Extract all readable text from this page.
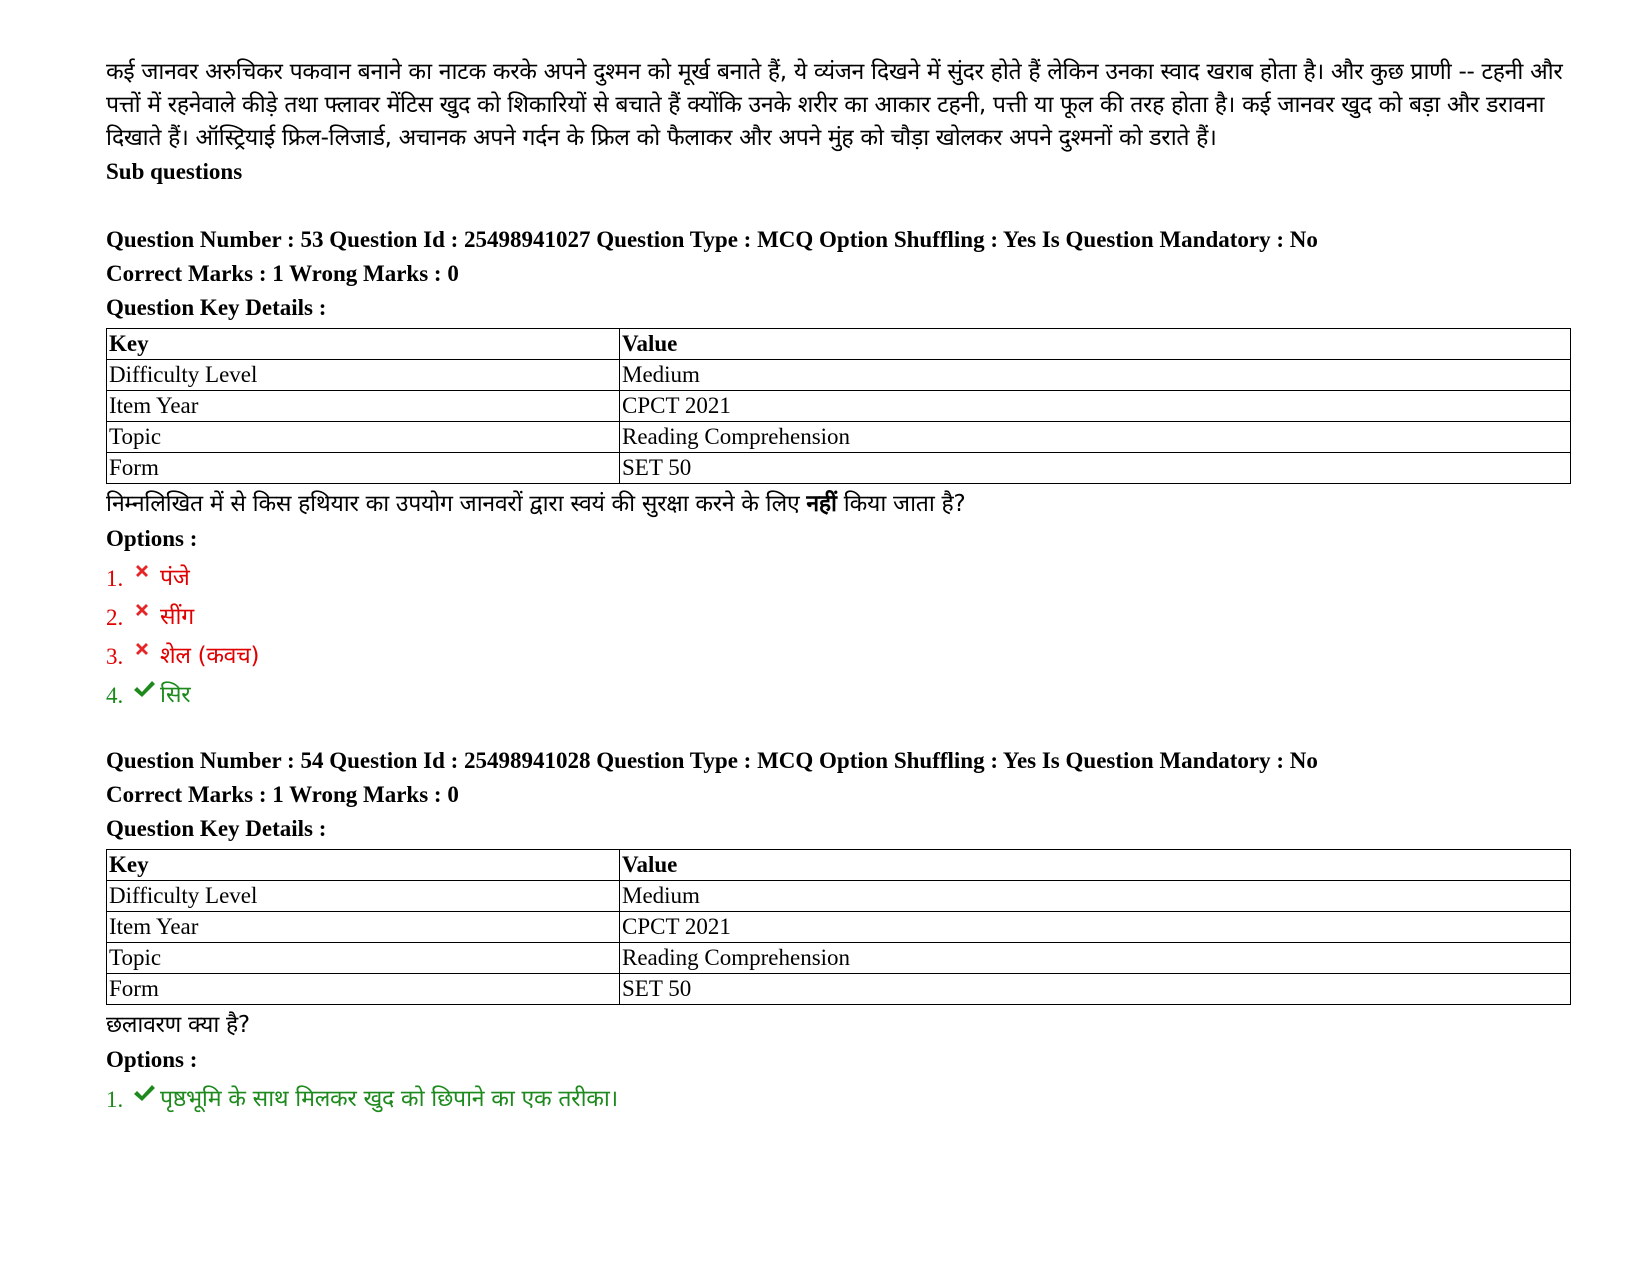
कई जानवर अरुचिकर पकवान बनाने का नाटक करके अपने दुश्मन को मूर्ख बनाते हैं, ये व्यंजन दिखने में सुंदर होते हैं लेकिन उनका स्वाद खराब होता है। और कुछ प्राणी -- टहनी और पत्तों में रहनेवाले कीड़े तथा फ्लावर मेंटिस खुद को शिकारियों से बचाते हैं क्योंकि उनके शरीर का आकार टहनी, पत्ती या फूल की तरह होता है। कई जानवर खुद को बड़ा और डरावना दिखाते हैं। ऑस्ट्रियाई फ्रिल-लिजार्ड, अचानक अपने गर्दन के फ्रिल को फैलाकर और अपने मुंह को चौड़ा खोलकर अपने दुश्मनों को डराते हैं।

Sub questions

Question Number : 53 Question Id : 25498941027 Question Type : MCQ Option Shuffling : Yes Is Question Mandatory : No

Correct Marks : 1 Wrong Marks : 0

Question Key Details :

Key	Value
Difficulty Level	Medium
Item Year	CPCT 2021
Topic	Reading Comprehension
Form	SET 50

निम्नलिखित में से किस हथियार का उपयोग जानवरों द्वारा स्वयं की सुरक्षा करने के लिए नहीं किया जाता है?

Options :

1.	पंजे
2.	सींग
3.	शेल (कवच)
4.	सिर

Question Number : 54 Question Id : 25498941028 Question Type : MCQ Option Shuffling : Yes Is Question Mandatory : No

Correct Marks : 1 Wrong Marks : 0

Question Key Details :

Key	Value
Difficulty Level	Medium
Item Year	CPCT 2021
Topic	Reading Comprehension
Form	SET 50

छलावरण क्या है?

Options :

1.	पृष्ठभूमि के साथ मिलकर खुद को छिपाने का एक तरीका।
